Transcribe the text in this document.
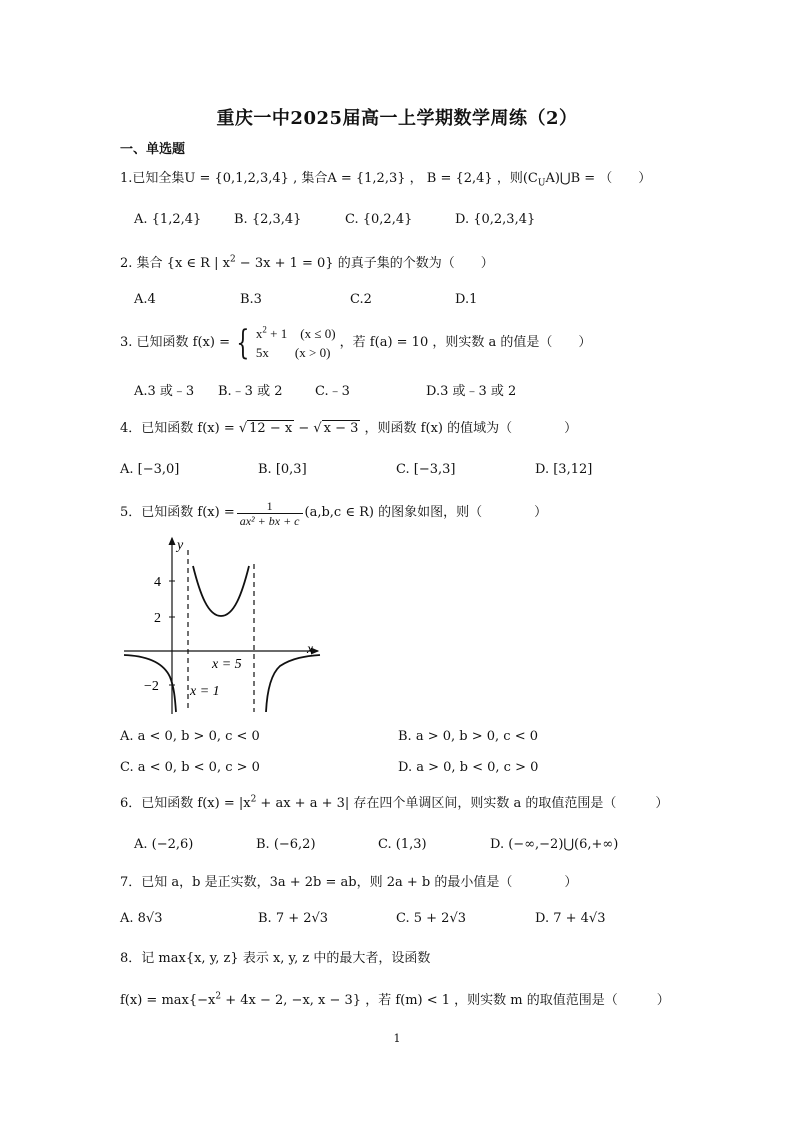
重庆一中2025届高一上学期数学周练（2）
一、单选题
1.已知全集U = {0,1,2,3,4} , 集合A = {1,2,3} ， B = {2,4} ，则$(C_UA)⋃B$ = （　　）
A. {1,2,4}	B. {2,3,4}	C. {0,2,4}	D. {0,2,3,4}
2. 集合 {x ∈ R | $x^2 - 3x + 1 = 0$} 的真子集的个数为（　　）
A.4	B.3	C.2	D.1
3. 已知函数 f(x) = { $x^2 + 1$　(x ≤ 0)
5x　　(x > 0)
，若 f(a) = 10 ，则实数 a 的值是（　　）
A.3 或﹣3 B.﹣3 或 2	C.﹣3	D.3 或﹣3 或 2
4．已知函数 f(x) = √ 12 − x − √ x − 3 ，则函数 f(x) 的值域为（　　　　）
A. [−3,0]	B. [0,3]	C. [−3,3]	D. [3,12]
5．已知函数 $f(x) = \frac{1}{\text{ax² + bx + c}} (a,b,c$ ∈ R) 的图象如图，则（　　　　）
y
x
4
2
−2
x = 5
x = 1
A. a < 0, b > 0, c < 0	B. a > 0, b > 0, c < 0
C. a < 0, b < 0, c > 0	D. a > 0, b < 0, c > 0
6．已知函数 $f(x) = |x^2$ + ax + a + 3| 存在四个单调区间，则实数 a 的取值范围是（　　　）
A. (−2,6)	B. (−6,2)	C. (1,3)	D. (−∞,−2)⋃(6,+∞)
7．已知 a，b 是正实数，3a + 2b = ab，则 2a + b 的最小值是（　　　　）
A. 8√3	B. 7 + 2√3	C. 5 + 2√3	D. 7 + 4√3
8．记 max{x, y, z} 表示 x, y, z 中的最大者，设函数
$f(x) = \max\{-x^2 + 4x - 2$, −x, x − 3} ，若 f(m) < 1 ，则实数 m 的取值范围是（　　　）
1
